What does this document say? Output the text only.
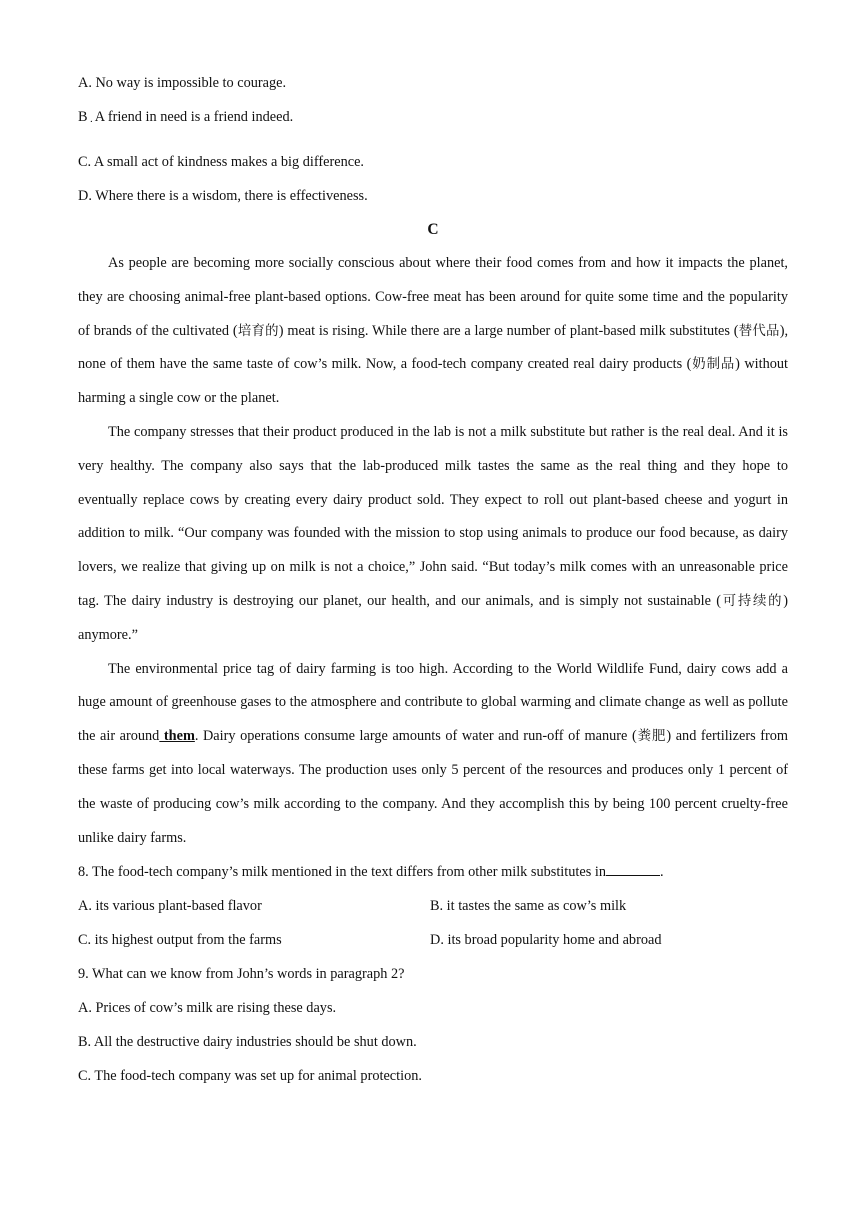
A. No way is impossible to courage.
B . A friend in need is a friend indeed.
C. A small act of kindness makes a big difference.
D. Where there is a wisdom, there is effectiveness.
C

As people are becoming more socially conscious about where their food comes from and how it impacts the planet, they are choosing animal-free plant-based options. Cow-free meat has been around for quite some time and the popularity of brands of the cultivated (培育的) meat is rising. While there are a large number of plant-based milk substitutes (替代品), none of them have the same taste of cow’s milk. Now, a food-tech company created real dairy products (奶制品) without harming a single cow or the planet.

The company stresses that their product produced in the lab is not a milk substitute but rather is the real deal. And it is very healthy. The company also says that the lab-produced milk tastes the same as the real thing and they hope to eventually replace cows by creating every dairy product sold. They expect to roll out plant-based cheese and yogurt in addition to milk. “Our company was founded with the mission to stop using animals to produce our food because, as dairy lovers, we realize that giving up on milk is not a choice,” John said. “But today’s milk comes with an unreasonable price tag. The dairy industry is destroying our planet, our health, and our animals, and is simply not sustainable (可持续的) anymore.”

The environmental price tag of dairy farming is too high. According to the World Wildlife Fund, dairy cows add a huge amount of greenhouse gases to the atmosphere and contribute to global warming and climate change as well as pollute the air around them. Dairy operations consume large amounts of water and run-off of manure (粪肥) and fertilizers from these farms get into local waterways. The production uses only 5 percent of the resources and produces only 1 percent of the waste of producing cow’s milk according to the company. And they accomplish this by being 100 percent cruelty-free unlike dairy farms.

8. The food-tech company’s milk mentioned in the text differs from other milk substitutes in	.
A. its various plant-based flavor	B. it tastes the same as cow’s milk
C. its highest output from the farms	D. its broad popularity home and abroad
9. What can we know from John’s words in paragraph 2?
A. Prices of cow’s milk are rising these days.
B. All the destructive dairy industries should be shut down.
C. The food-tech company was set up for animal protection.
